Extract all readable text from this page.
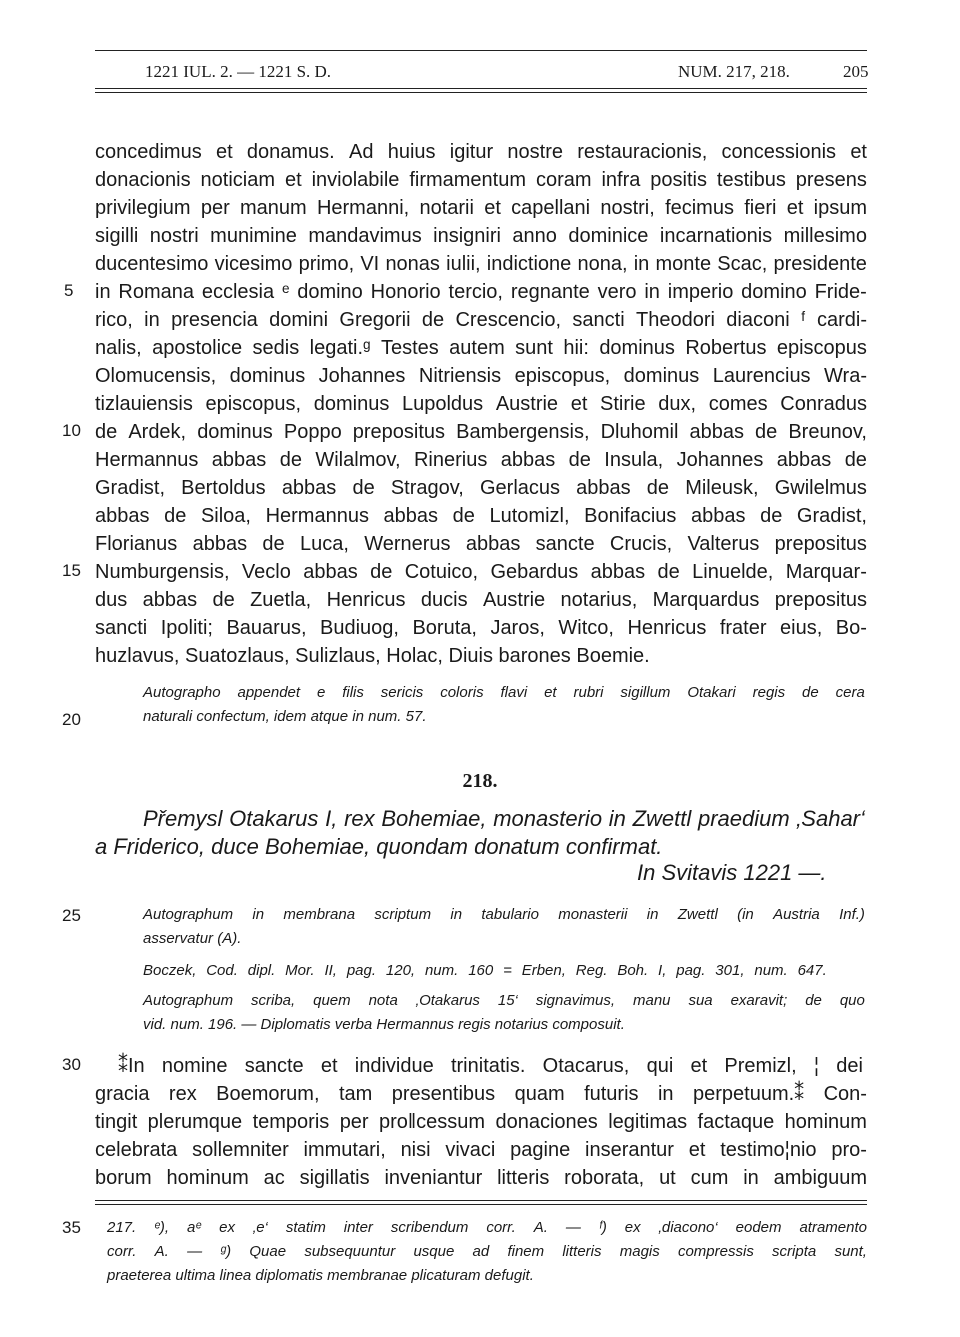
1221 IUL. 2. — 1221 S. D.	NUM. 217, 218.	205
concedimus et donamus. Ad huius igitur nostre restauracionis, concessionis et
donacionis noticiam et inviolabile firmamentum coram infra positis testibus presens
privilegium per manum Hermanni, notarii et capellani nostri, fecimus fieri et ipsum
sigilli nostri munimine mandavimus insigniri anno dominice incarnationis millesimo
ducentesimo vicesimo primo, VI nonas iulii, indictione nona, in monte Scac, presidente
in Romana ecclesia ᵉ domino Honorio tercio, regnante vero in imperio domino Fride-
rico, in presencia domini Gregorii de Crescencio, sancti Theodori diaconi ᶠ cardi-
nalis, apostolice sedis legati.ᵍ Testes autem sunt hii: dominus Robertus episcopus
Olomucensis, dominus Johannes Nitriensis episcopus, dominus Laurencius Wra-
tizlauiensis episcopus, dominus Lupoldus Austrie et Stirie dux, comes Conradus
de Ardek, dominus Poppo prepositus Bambergensis, Dluhomil abbas de Breunov,
Hermannus abbas de Wilalmov, Rinerius abbas de Insula, Johannes abbas de
Gradist, Bertoldus abbas de Stragov, Gerlacus abbas de Mileusk, Gwilelmus
abbas de Siloa, Hermannus abbas de Lutomizl, Bonifacius abbas de Gradist,
Florianus abbas de Luca, Wernerus abbas sancte Crucis, Valterus prepositus
Numburgensis, Veclo abbas de Cotuico, Gebardus abbas de Linuelde, Marquar-
dus abbas de Zuetla, Henricus ducis Austrie notarius, Marquardus prepositus
sancti Ipoliti; Bauarus, Budiuog, Boruta, Jaros, Witco, Henricus frater eius, Bo-
huzlavus, Suatozlaus, Sulizlaus, Holac, Diuis barones Boemie.
5
10
15
20
25
30
35
Autographo appendet e filis sericis coloris flavi et rubri sigillum Otakari regis de cera
naturali confectum, idem atque in num. 57.
218.
Přemysl Otakarus I, rex Bohemiae, monasterio in Zwettl praedium ‚Sahar‘
a Friderico, duce Bohemiae, quondam donatum confirmat.
In Svitavis 1221 —.
Autographum in membrana scriptum in tabulario monasterii in Zwettl (in Austria Inf.)
asservatur (A).
Boczek, Cod. dipl. Mor. II, pag. 120, num. 160 = Erben, Reg. Boh. I, pag. 301, num. 647.
Autographum scriba, quem nota ‚Otakarus 15‘ signavimus, manu sua exaravit; de quo
vid. num. 196. — Diplomatis verba Hermannus regis notarius composuit.
⁑In nomine sancte et individue trinitatis. Otacarus, qui et Premizl, ¦ dei
gracia rex Boemorum, tam presentibus quam futuris in perpetuum.⁑ Con-
tingit plerumque temporis per pro‖cessum donaciones legitimas factaque hominum
celebrata sollemniter immutari, nisi vivaci pagine inserantur et testimo¦nio pro-
borum hominum ac sigillatis inveniantur litteris roborata, ut cum in ambiguum
217. ᵉ), aᵉ ex ‚e‘ statim inter scribendum corr. A. — ᶠ) ex ‚diacono‘ eodem atramento
corr. A. — ᵍ) Quae subsequuntur usque ad finem litteris magis compressis scripta sunt,
praeterea ultima linea diplomatis membranae plicaturam defugit.
